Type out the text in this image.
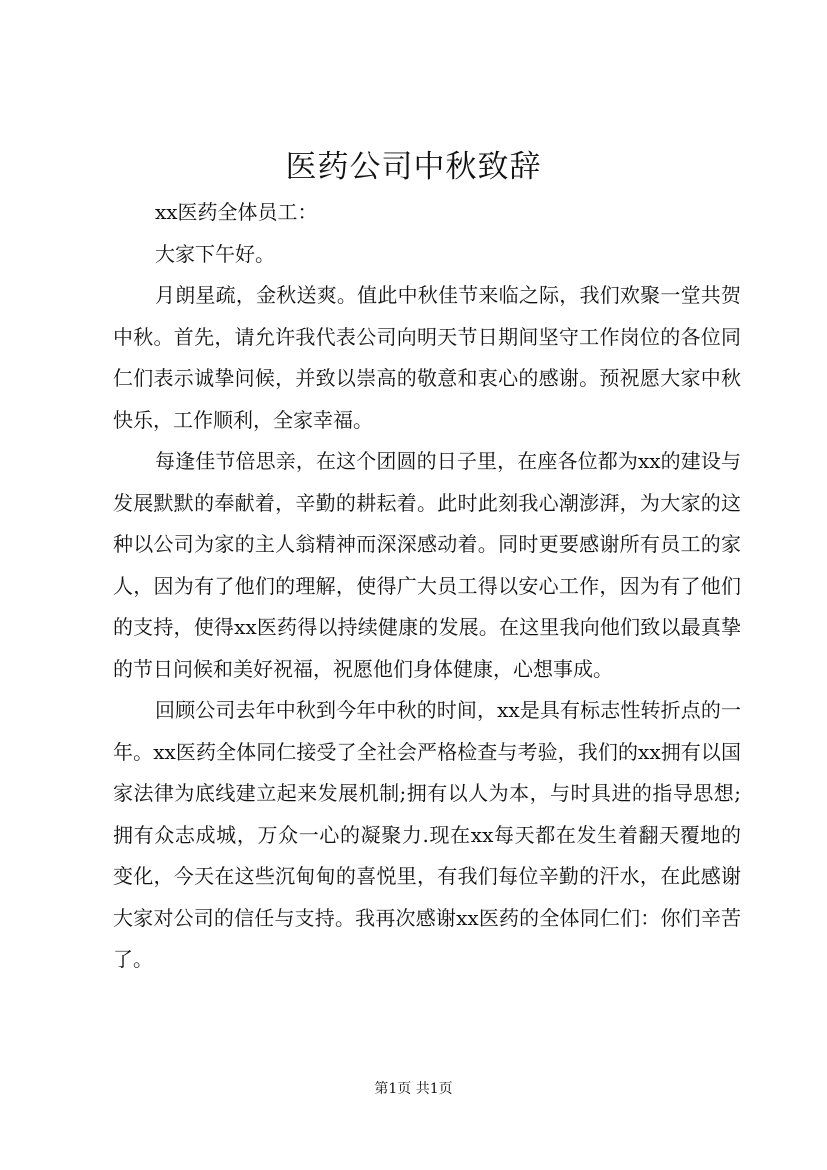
医药公司中秋致辞

xx医药全体员工：

大家下午好。

月朗星疏，金秋送爽。值此中秋佳节来临之际，我们欢聚一堂共贺中秋。首先，请允许我代表公司向明天节日期间坚守工作岗位的各位同仁们表示诚挚问候，并致以崇高的敬意和衷心的感谢。预祝愿大家中秋快乐，工作顺利，全家幸福。

每逢佳节倍思亲，在这个团圆的日子里，在座各位都为xx的建设与发展默默的奉献着，辛勤的耕耘着。此时此刻我心潮澎湃，为大家的这种以公司为家的主人翁精神而深深感动着。同时更要感谢所有员工的家人，因为有了他们的理解，使得广大员工得以安心工作，因为有了他们的支持，使得xx医药得以持续健康的发展。在这里我向他们致以最真挚的节日问候和美好祝福，祝愿他们身体健康，心想事成。

回顾公司去年中秋到今年中秋的时间，xx是具有标志性转折点的一年。xx医药全体同仁接受了全社会严格检查与考验，我们的xx拥有以国家法律为底线建立起来发展机制;拥有以人为本，与时具进的指导思想;拥有众志成城，万众一心的凝聚力.现在xx每天都在发生着翻天覆地的变化，今天在这些沉甸甸的喜悦里，有我们每位辛勤的汗水，在此感谢大家对公司的信任与支持。我再次感谢xx医药的全体同仁们：你们辛苦了。

第1页 共1页
